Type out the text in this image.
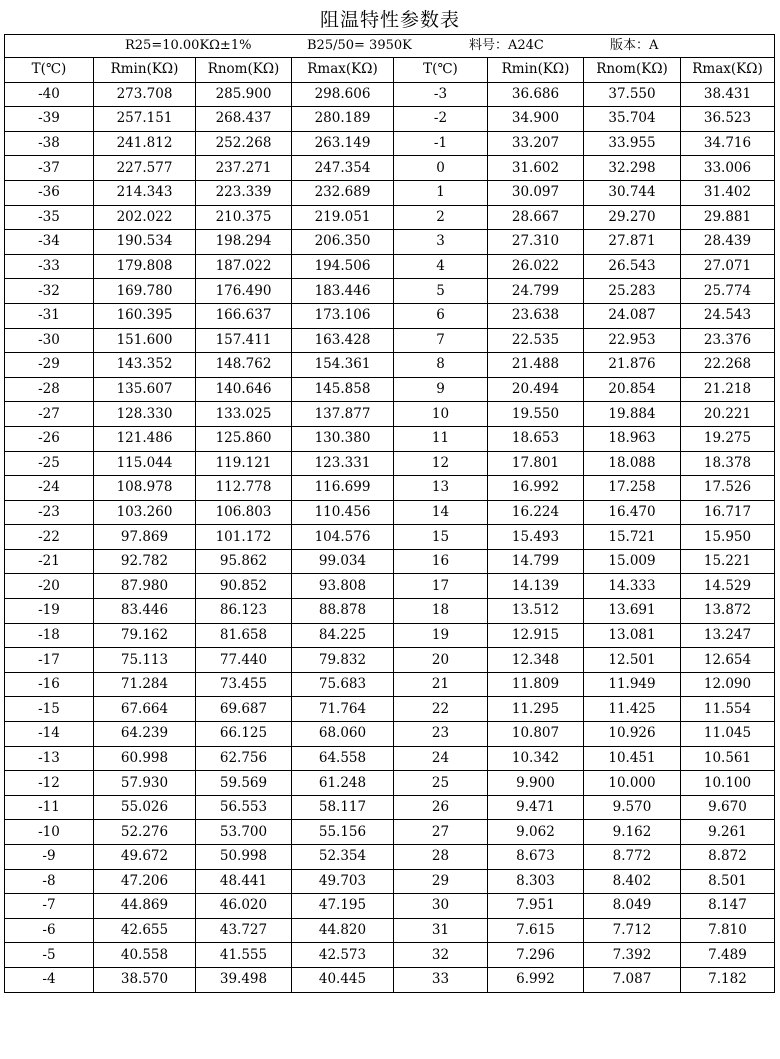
阻温特性参数表
R25=10.00KΩ±1% B25/50= 3950K 料号：A24C 版本：A							

T(℃)	Rmin(KΩ)	Rnom(KΩ)	Rmax(KΩ)	T(℃)	Rmin(KΩ)	Rnom(KΩ)	Rmax(KΩ)
-40	273.708	285.900	298.606	-3	36.686	37.550	38.431
-39	257.151	268.437	280.189	-2	34.900	35.704	36.523
-38	241.812	252.268	263.149	-1	33.207	33.955	34.716
-37	227.577	237.271	247.354	0	31.602	32.298	33.006
-36	214.343	223.339	232.689	1	30.097	30.744	31.402
-35	202.022	210.375	219.051	2	28.667	29.270	29.881
-34	190.534	198.294	206.350	3	27.310	27.871	28.439
-33	179.808	187.022	194.506	4	26.022	26.543	27.071
-32	169.780	176.490	183.446	5	24.799	25.283	25.774
-31	160.395	166.637	173.106	6	23.638	24.087	24.543
-30	151.600	157.411	163.428	7	22.535	22.953	23.376
-29	143.352	148.762	154.361	8	21.488	21.876	22.268
-28	135.607	140.646	145.858	9	20.494	20.854	21.218
-27	128.330	133.025	137.877	10	19.550	19.884	20.221
-26	121.486	125.860	130.380	11	18.653	18.963	19.275
-25	115.044	119.121	123.331	12	17.801	18.088	18.378
-24	108.978	112.778	116.699	13	16.992	17.258	17.526
-23	103.260	106.803	110.456	14	16.224	16.470	16.717
-22	97.869	101.172	104.576	15	15.493	15.721	15.950
-21	92.782	95.862	99.034	16	14.799	15.009	15.221
-20	87.980	90.852	93.808	17	14.139	14.333	14.529
-19	83.446	86.123	88.878	18	13.512	13.691	13.872
-18	79.162	81.658	84.225	19	12.915	13.081	13.247
-17	75.113	77.440	79.832	20	12.348	12.501	12.654
-16	71.284	73.455	75.683	21	11.809	11.949	12.090
-15	67.664	69.687	71.764	22	11.295	11.425	11.554
-14	64.239	66.125	68.060	23	10.807	10.926	11.045
-13	60.998	62.756	64.558	24	10.342	10.451	10.561
-12	57.930	59.569	61.248	25	9.900	10.000	10.100
-11	55.026	56.553	58.117	26	9.471	9.570	9.670
-10	52.276	53.700	55.156	27	9.062	9.162	9.261
-9	49.672	50.998	52.354	28	8.673	8.772	8.872
-8	47.206	48.441	49.703	29	8.303	8.402	8.501
-7	44.869	46.020	47.195	30	7.951	8.049	8.147
-6	42.655	43.727	44.820	31	7.615	7.712	7.810
-5	40.558	41.555	42.573	32	7.296	7.392	7.489
-4	38.570	39.498	40.445	33	6.992	7.087	7.182
